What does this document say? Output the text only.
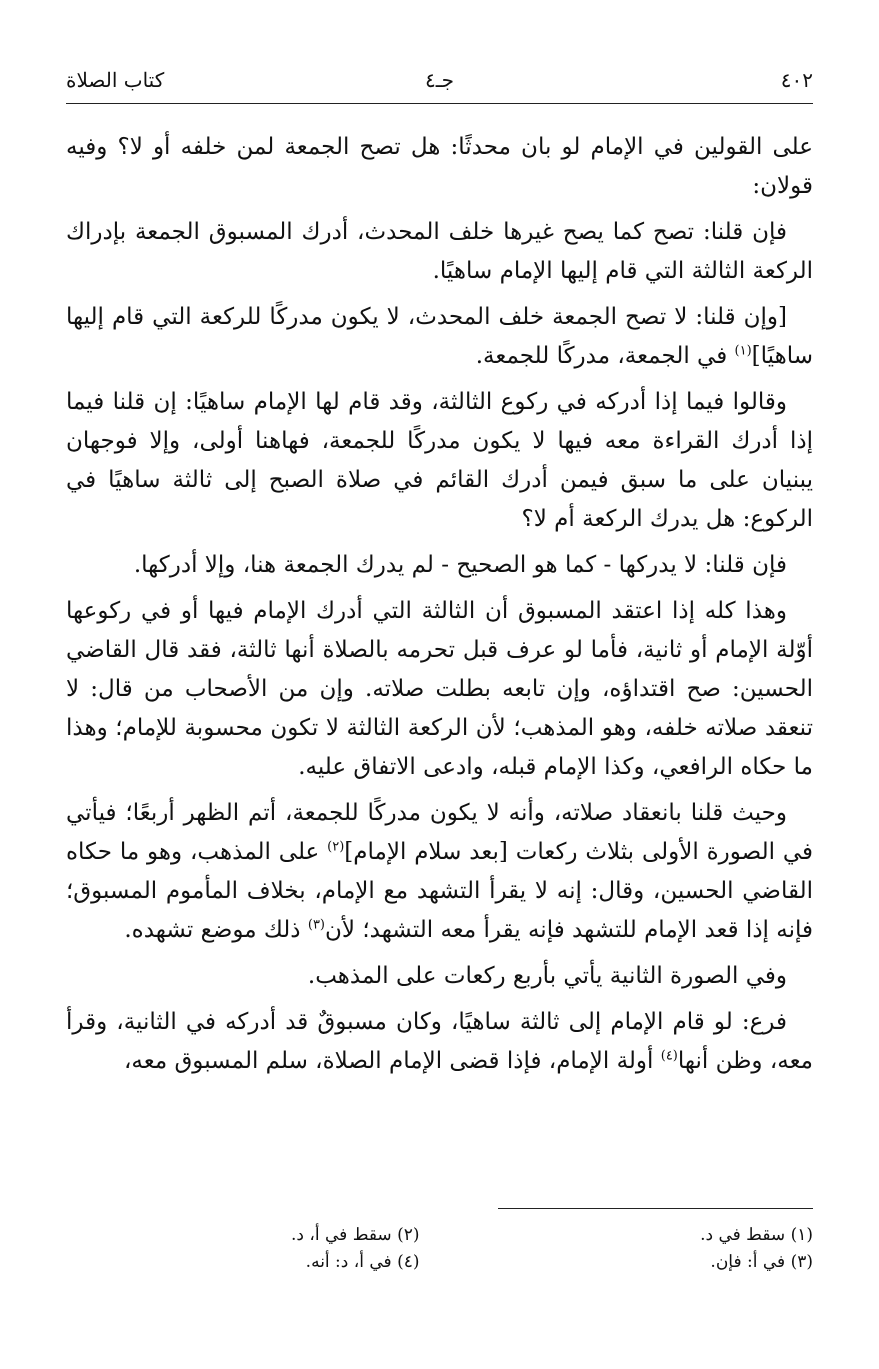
٤٠٢
جـ٤
كتاب الصلاة

على القولين في الإمام لو بان محدثًا: هل تصح الجمعة لمن خلفه أو لا؟ وفيه قولان:

فإن قلنا: تصح كما يصح غيرها خلف المحدث، أدرك المسبوق الجمعة بإدراك الركعة الثالثة التي قام إليها الإمام ساهيًا.

[وإن قلنا: لا تصح الجمعة خلف المحدث، لا يكون مدركًا للركعة التي قام إليها ساهيًا]$^{(١)}$ في الجمعة، مدركًا للجمعة.

وقالوا فيما إذا أدركه في ركوع الثالثة، وقد قام لها الإمام ساهيًا: إن قلنا فيما إذا أدرك القراءة معه فيها لا يكون مدركًا للجمعة، فهاهنا أولى، وإلا فوجهان يبنيان على ما سبق فيمن أدرك القائم في صلاة الصبح إلى ثالثة ساهيًا في الركوع: هل يدرك الركعة أم لا؟

فإن قلنا: لا يدركها - كما هو الصحيح - لم يدرك الجمعة هنا، وإلا أدركها.

وهذا كله إذا اعتقد المسبوق أن الثالثة التي أدرك الإمام فيها أو في ركوعها أوّلة الإمام أو ثانية، فأما لو عرف قبل تحرمه بالصلاة أنها ثالثة، فقد قال القاضي الحسين: صح اقتداؤه، وإن تابعه بطلت صلاته. وإن من الأصحاب من قال: لا تنعقد صلاته خلفه، وهو المذهب؛ لأن الركعة الثالثة لا تكون محسوبة للإمام؛ وهذا ما حكاه الرافعي، وكذا الإمام قبله، وادعى الاتفاق عليه.

وحيث قلنا بانعقاد صلاته، وأنه لا يكون مدركًا للجمعة، أتم الظهر أربعًا؛ فيأتي في الصورة الأولى بثلاث ركعات [بعد سلام الإمام]$^{(٢)}$ على المذهب، وهو ما حكاه القاضي الحسين، وقال: إنه لا يقرأ التشهد مع الإمام، بخلاف المأموم المسبوق؛ فإنه إذا قعد الإمام للتشهد فإنه يقرأ معه التشهد؛ لأن$^{(٣)}$ ذلك موضع تشهده.

وفي الصورة الثانية يأتي بأربع ركعات على المذهب.

فرع: لو قام الإمام إلى ثالثة ساهيًا، وكان مسبوقٌ قد أدركه في الثانية، وقرأ معه، وظن أنها$^{(٤)}$ أولة الإمام، فإذا قضى الإمام الصلاة، سلم المسبوق معه،

(١) سقط في د.
(٢) سقط في أ، د.
(٣) في أ: فإن.
(٤) في أ، د: أنه.
